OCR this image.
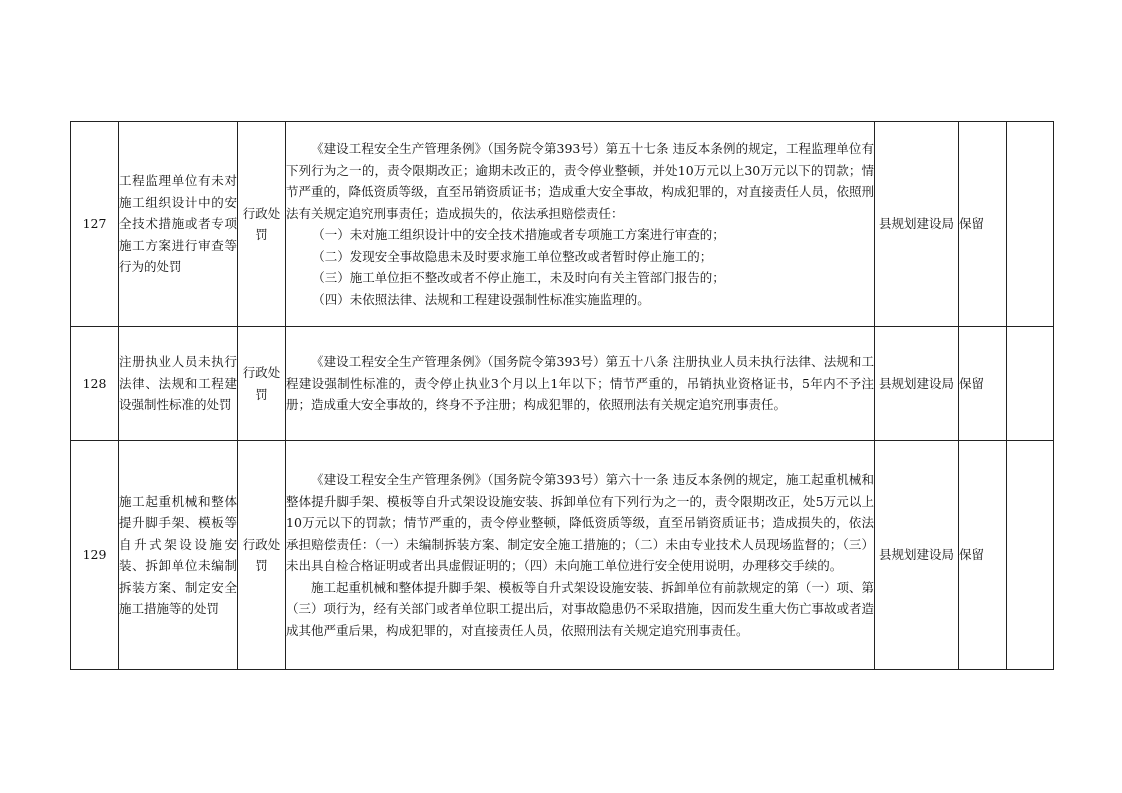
127	工程监理单位有未对施工组织设计中的安全技术措施或者专项施工方案进行审查等行为的处罚	行政处罚	《建设工程安全生产管理条例》（国务院令第393号）第五十七条 违反本条例的规定，工程监理单位有下列行为之一的，责令限期改正；逾期未改正的，责令停业整顿，并处10万元以上30万元以下的罚款；情节严重的，降低资质等级，直至吊销资质证书；造成重大安全事故，构成犯罪的，对直接责任人员，依照刑法有关规定追究刑事责任；造成损失的，依法承担赔偿责任：

（一）未对施工组织设计中的安全技术措施或者专项施工方案进行审查的；

（二）发现安全事故隐患未及时要求施工单位整改或者暂时停止施工的；

（三）施工单位拒不整改或者不停止施工，未及时向有关主管部门报告的；

（四）未依照法律、法规和工程建设强制性标准实施监理的。	县规划建设局	保留	
128	注册执业人员未执行法律、法规和工程建设强制性标准的处罚	行政处罚	《建设工程安全生产管理条例》（国务院令第393号）第五十八条 注册执业人员未执行法律、法规和工程建设强制性标准的，责令停止执业3个月以上1年以下；情节严重的，吊销执业资格证书，5年内不予注册；造成重大安全事故的，终身不予注册；构成犯罪的，依照刑法有关规定追究刑事责任。	县规划建设局	保留	
129	施工起重机械和整体提升脚手架、模板等自升式架设设施安装、拆卸单位未编制拆装方案、制定安全施工措施等的处罚	行政处罚	《建设工程安全生产管理条例》（国务院令第393号）第六十一条 违反本条例的规定，施工起重机械和整体提升脚手架、模板等自升式架设设施安装、拆卸单位有下列行为之一的，责令限期改正，处5万元以上10万元以下的罚款；情节严重的，责令停业整顿，降低资质等级，直至吊销资质证书；造成损失的，依法承担赔偿责任：（一）未编制拆装方案、制定安全施工措施的；（二）未由专业技术人员现场监督的；（三）未出具自检合格证明或者出具虚假证明的；（四）未向施工单位进行安全使用说明，办理移交手续的。

施工起重机械和整体提升脚手架、模板等自升式架设设施安装、拆卸单位有前款规定的第（一）项、第（三）项行为，经有关部门或者单位职工提出后，对事故隐患仍不采取措施，因而发生重大伤亡事故或者造成其他严重后果，构成犯罪的，对直接责任人员，依照刑法有关规定追究刑事责任。	县规划建设局	保留	
